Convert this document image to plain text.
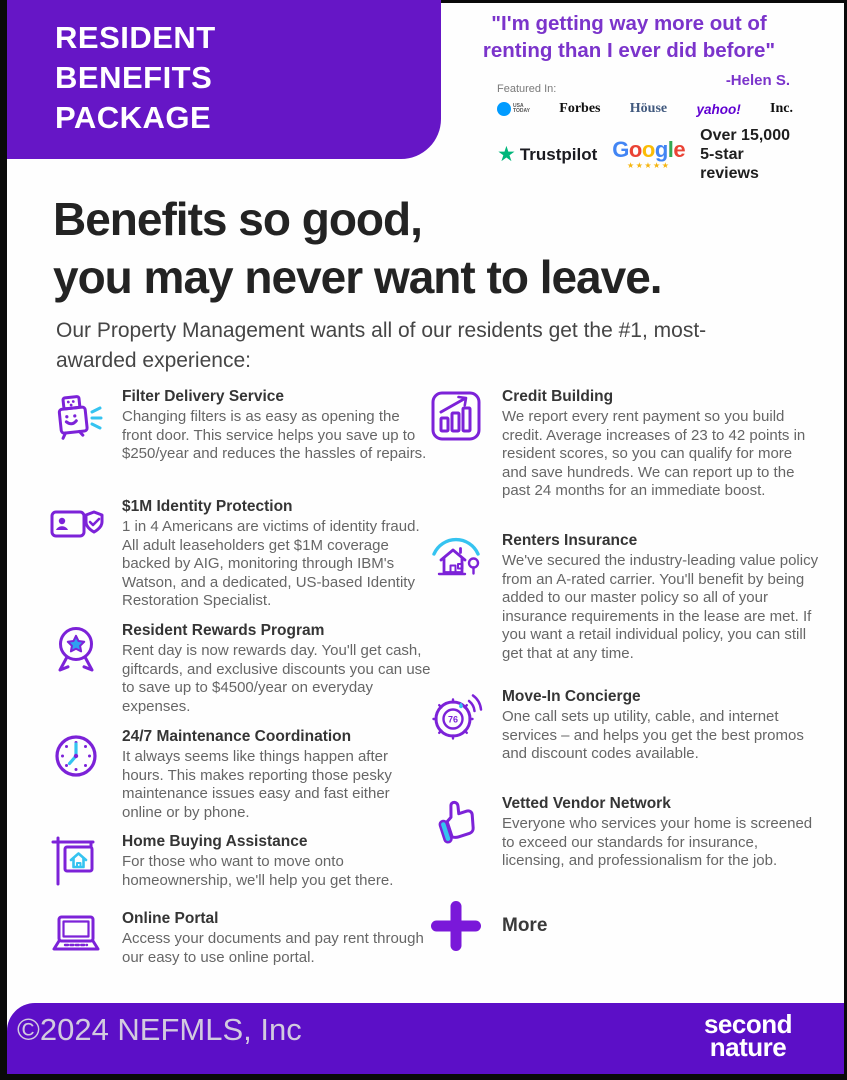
RESIDENT
BENEFITS
PACKAGE
"I'm getting way more out of
renting than I ever did before"
-Helen S.
Featured In:
USA
TODAY Forbes Höuse yahoo! Inc.
★ Trustpilot Google
★★★★★
Over 15,000
5-star reviews
Benefits so good,
you may never want to leave.
Our Property Management wants all of our residents get the #1, most-awarded experience:
Filter Delivery Service
Changing filters is as easy as opening the front door. This service helps you save up to $250/year and reduces the hassles of repairs.
$1M Identity Protection
1 in 4 Americans are victims of identity fraud. All adult leaseholders get $1M coverage backed by AIG, monitoring through IBM's Watson, and a dedicated, US-based Identity Restoration Specialist.
Resident Rewards Program
Rent day is now rewards day. You'll get cash, giftcards, and exclusive discounts you can use to save up to $4500/year on everyday expenses.
24/7 Maintenance Coordination
It always seems like things happen after hours. This makes reporting those pesky maintenance issues easy and fast either online or by phone.
Home Buying Assistance
For those who want to move onto homeownership, we'll help you get there.
Online Portal
Access your documents and pay rent through our easy to use online portal.
Credit Building
We report every rent payment so you build credit. Average increases of 23 to 42 points in resident scores, so you can qualify for more and save hundreds. We can report up to the past 24 months for an immediate boost.
Renters Insurance
We've secured the industry-leading value policy from an A-rated carrier. You'll benefit by being added to our master policy so all of your insurance requirements in the lease are met. If you want a retail individual policy, you can still get that at any time.
76
Move-In Concierge
One call sets up utility, cable, and internet services – and helps you get the best promos and discount codes available.
Vetted Vendor Network
Everyone who services your home is screened to exceed our standards for insurance, licensing, and professionalism for the job.
More
©2024 NEFMLS, Inc	second
nature
